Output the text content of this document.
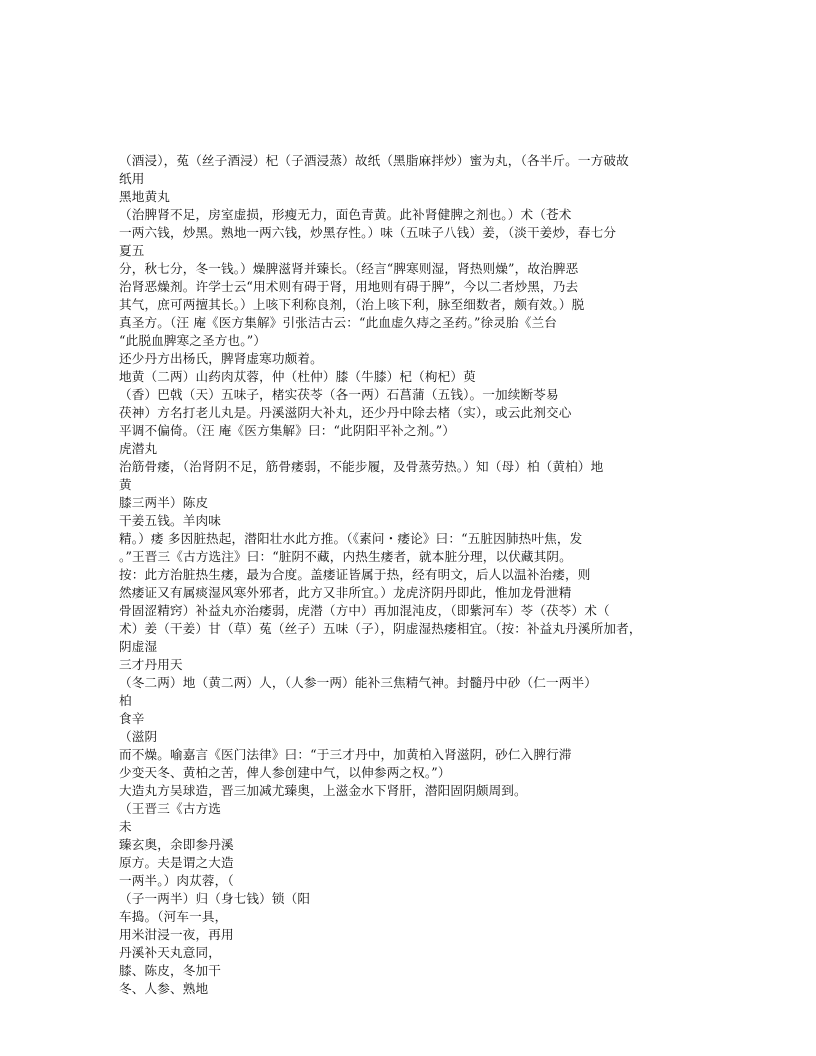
（酒浸），菟（丝子酒浸）杞（子酒浸蒸）故纸（黑脂麻拌炒）蜜为丸，（各半斤。一方破故
纸用
黑地黄丸
（治脾肾不足，房室虚损，形瘦无力，面色青黄。此补肾健脾之剂也。）术（苍术
一两六钱，炒黑。熟地一两六钱，炒黑存性。）味（五味子八钱）姜，（淡干姜炒，春七分
夏五
分，秋七分，冬一钱。）燥脾滋肾并臻长。（经言“脾寒则湿，肾热则燥”，故治脾恶
治肾恶燥剂。许学士云“用术则有碍于肾，用地则有碍于脾”，今以二者炒黑，乃去
其气，庶可两擅其长。）上咳下利称良剂，（治上咳下利，脉至细数者，颇有效。）脱
真圣方。（汪 庵《医方集解》引张洁古云：“此血虚久痔之圣药。”徐灵胎《兰台
“此脱血脾寒之圣方也。”）
还少丹方出杨氏，脾肾虚寒功颇着。
地黄（二两）山药肉苁蓉，仲（杜仲）膝（牛膝）杞（枸杞）萸
（香）巴戟（天）五味子，楮实茯苓（各一两）石菖蒲（五钱）。一加续断苓易
茯神）方名打老儿丸是。丹溪滋阴大补丸，还少丹中除去楮（实），或云此剂交心
平调不偏倚。（汪 庵《医方集解》曰：“此阴阳平补之剂。”）
虎潜丸
治筋骨痿，（治肾阴不足，筋骨痿弱，不能步履，及骨蒸劳热。）知（母）柏（黄柏）地
黄
膝三两半）陈皮
干姜五钱。羊肉味
精。）痿 多因脏热起，潜阳壮水此方推。（《素问・痿论》曰：“五脏因肺热叶焦，发
。”王晋三《古方选注》曰：“脏阴不藏，内热生痿者，就本脏分理，以伏藏其阴。
按：此方治脏热生痿，最为合度。盖痿证皆属于热，经有明文，后人以温补治痿，则
然痿证又有属痰湿风寒外邪者，此方又非所宜。）龙虎济阴丹即此，惟加龙骨泄精
骨固涩精窍）补益丸亦治痿弱，虎潜（方中）再加混沌皮，（即紫河车）苓（茯苓）术（
术）姜（干姜）甘（草）菟（丝子）五味（子），阴虚湿热痿相宜。（按：补益丸丹溪所加者，
阴虚湿
三才丹用天
（冬二两）地（黄二两）人，（人参一两）能补三焦精气神。封髓丹中砂（仁一两半）
柏
食辛
（滋阴
而不燥。喻嘉言《医门法律》曰：“于三才丹中，加黄柏入肾滋阴，砂仁入脾行滞
少变天冬、黄柏之苦，俾人参创建中气，以伸参两之权。”）
大造丸方吴球造，晋三加减尤臻奥，上滋金水下肾肝，潜阳固阴颇周到。
（王晋三《古方选
未
臻玄奥，余即参丹溪
原方。夫是谓之大造
一两半。）肉苁蓉，（
（子一两半）归（身七钱）锁（阳
车捣。（河车一具，
用米泔浸一夜，再用
丹溪补天丸意同，
膝、陈皮，冬加干
冬、人参、熟地
